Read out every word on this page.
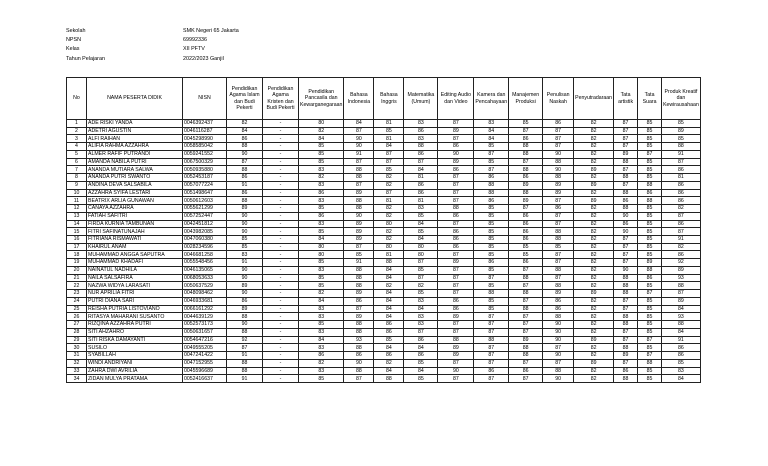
Sekolah	SMK Negeri 65 Jakarta
NPSN	69992336
Kelas	XII PFTV
Tahun Pelajaran	2022/2023 Ganjil
No	NAMA PESERTA DIDIK	NISN	Pendidikan Agama Islam dan Budi Pekerti	Pendidikan Agama Kristen dan Budi Pekerti	Pendidikan Pancasila dan Kewarganegaraan	Bahasa Indonesia	Bahasa Inggris	Matematika (Umum)	Editing Audio dan Video	Kamera dan Pencahayaan	Manajemen Produksi	Penulisan Naskah	Penyutradaraan	Tata artistik	Tata Suara	Produk Kreatif dan Kewirausahaan
1	ADE RISKI YANDA	0046392437	82	-	80	84	81	83	87	83	85	86	82	87	85	85
2	ADETRI AGUSTIN	0046116287	84	-	82	87	85	86	89	84	87	87	82	87	85	89
3	ALFI RAIHAN	0045298990	86	-	84	90	81	83	87	84	86	87	82	87	85	85
4	ALIFIA RAHMA AZZAHRA	0058585042	88	-	85	90	84	88	86	85	88	87	82	87	85	88
5	ALMER RAFIF PUTRANDI	0059241552	90	-	85	91	87	86	90	87	88	90	82	89	87	91
6	AMANDA NABILA PUTRI	0067500329	87	-	85	87	87	87	89	85	87	88	82	88	85	87
7	ANANDA MUTIARA SALWA	0050935880	88	-	83	88	85	84	86	87	88	90	89	87	85	86
8	ANANDA PUTRI SWANTO	0052453187	86	-	82	88	82	81	87	86	86	88	82	88	85	81
9	ANDINA DEVA SALSABILA	0057077224	91	-	83	87	82	86	87	88	89	89	89	87	88	86
10	AZZAHRA SYIFA LESTARI	0051498647	86	-	86	89	87	86	87	88	88	89	82	88	86	86
11	BEATRIX ARLIA GUNAWAN	0050612603	88	-	83	88	81	81	87	86	89	87	89	86	88	86
12	CANAYA AZZAHRA	0055621299	89	-	85	88	82	83	88	85	87	86	82	88	85	82
13	FATIAH SAFITRI	0057252447	90	-	86	90	82	85	86	85	86	87	82	90	85	87
14	FIRDA KURNIA TAMBUNAN	0042451812	90	-	83	89	80	84	87	85	86	87	82	86	85	86
15	FITRI SAFINATUNAJAH	0043982085	90	-	85	89	82	85	86	85	86	88	82	90	85	87
16	FITRIANA RISMAWATI	0047060380	85	-	84	89	82	84	86	85	86	88	82	87	85	91
17	KHAIRUL ANAM	0028234596	85	-	80	87	80	80	86	85	85	85	82	87	85	82
18	MUHAMMAD ANGGA SAPUTRA	0046681258	83	-	80	85	81	80	87	85	85	87	82	87	85	86
19	MUHAMMAD KHADAFI	0055548456	91	-	85	91	88	87	89	86	86	87	82	87	89	92
20	NAINATUL NADHILA	0046135065	90	-	83	88	84	85	87	85	87	88	82	90	88	89
21	NAILA SALSAFIRA	0068053633	90	-	85	88	84	87	87	87	88	87	82	88	86	93
22	NAZWA WIDYA LARASATI	0050637529	89	-	85	88	82	82	87	85	87	88	82	88	85	88
23	NUR APRILIA FITRI	0048098462	90	-	82	89	84	85	87	88	88	89	89	88	87	87
24	PUTRI DIANA SARI	0046933681	86	-	84	86	84	83	86	85	87	86	82	87	85	89
25	REISHA PUTRIA LISTOVIANO	0066161292	89	-	83	87	84	84	86	85	88	86	82	87	85	84
26	RITASYA MAHARANI SUSANTO	0044639129	88	-	83	89	84	83	89	87	87	88	82	88	85	93
27	RIZQINA AZZAHRA PUTRI	0052573173	90	-	85	88	86	83	87	87	87	90	82	88	85	88
28	SITI AHZAHRO	0050631657	88	-	83	88	86	87	87	87	87	90	82	87	85	84
29	SITI RISKA DAMAYANTI	0054647216	92	-	84	93	85	86	88	88	89	90	89	87	87	91
30	SUSILO	0049555205	87	-	83	88	84	84	89	87	88	87	82	88	85	86
31	SYABILLAH	0047241422	91	-	86	86	86	86	89	87	88	90	82	89	87	86
32	WINDI ANDRIYANI	0047152955	88	-	82	90	82	85	87	87	87	87	89	87	88	85
33	ZAHRA DWI AVRILIA	0045596689	88	-	83	88	84	84	90	86	86	88	82	86	85	83
34	ZIDAN MULYA PRATAMA	0052416637	91	-	85	87	88	85	87	87	87	90	82	88	85	84
